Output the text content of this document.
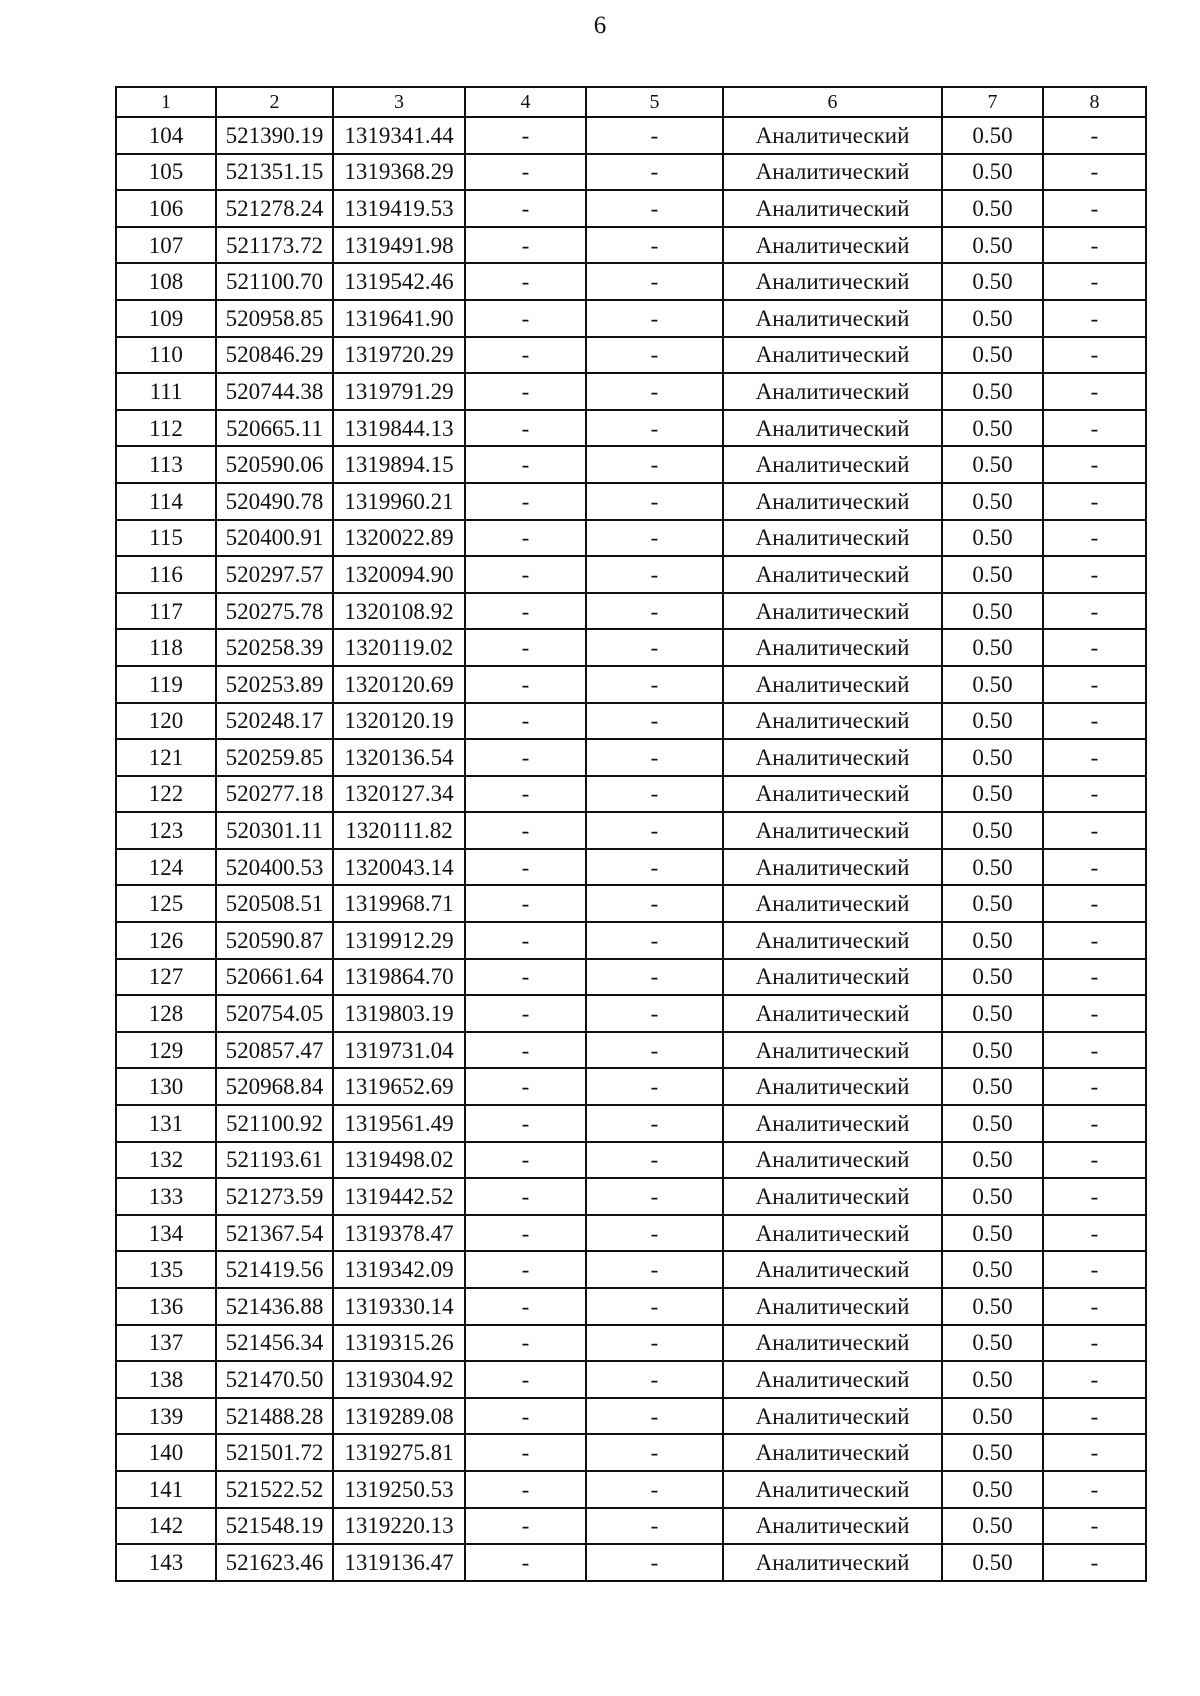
6
1	2	3	4	5	6	7	8
104	521390.19	1319341.44	-	-	Аналитический	0.50	-
105	521351.15	1319368.29	-	-	Аналитический	0.50	-
106	521278.24	1319419.53	-	-	Аналитический	0.50	-
107	521173.72	1319491.98	-	-	Аналитический	0.50	-
108	521100.70	1319542.46	-	-	Аналитический	0.50	-
109	520958.85	1319641.90	-	-	Аналитический	0.50	-
110	520846.29	1319720.29	-	-	Аналитический	0.50	-
111	520744.38	1319791.29	-	-	Аналитический	0.50	-
112	520665.11	1319844.13	-	-	Аналитический	0.50	-
113	520590.06	1319894.15	-	-	Аналитический	0.50	-
114	520490.78	1319960.21	-	-	Аналитический	0.50	-
115	520400.91	1320022.89	-	-	Аналитический	0.50	-
116	520297.57	1320094.90	-	-	Аналитический	0.50	-
117	520275.78	1320108.92	-	-	Аналитический	0.50	-
118	520258.39	1320119.02	-	-	Аналитический	0.50	-
119	520253.89	1320120.69	-	-	Аналитический	0.50	-
120	520248.17	1320120.19	-	-	Аналитический	0.50	-
121	520259.85	1320136.54	-	-	Аналитический	0.50	-
122	520277.18	1320127.34	-	-	Аналитический	0.50	-
123	520301.11	1320111.82	-	-	Аналитический	0.50	-
124	520400.53	1320043.14	-	-	Аналитический	0.50	-
125	520508.51	1319968.71	-	-	Аналитический	0.50	-
126	520590.87	1319912.29	-	-	Аналитический	0.50	-
127	520661.64	1319864.70	-	-	Аналитический	0.50	-
128	520754.05	1319803.19	-	-	Аналитический	0.50	-
129	520857.47	1319731.04	-	-	Аналитический	0.50	-
130	520968.84	1319652.69	-	-	Аналитический	0.50	-
131	521100.92	1319561.49	-	-	Аналитический	0.50	-
132	521193.61	1319498.02	-	-	Аналитический	0.50	-
133	521273.59	1319442.52	-	-	Аналитический	0.50	-
134	521367.54	1319378.47	-	-	Аналитический	0.50	-
135	521419.56	1319342.09	-	-	Аналитический	0.50	-
136	521436.88	1319330.14	-	-	Аналитический	0.50	-
137	521456.34	1319315.26	-	-	Аналитический	0.50	-
138	521470.50	1319304.92	-	-	Аналитический	0.50	-
139	521488.28	1319289.08	-	-	Аналитический	0.50	-
140	521501.72	1319275.81	-	-	Аналитический	0.50	-
141	521522.52	1319250.53	-	-	Аналитический	0.50	-
142	521548.19	1319220.13	-	-	Аналитический	0.50	-
143	521623.46	1319136.47	-	-	Аналитический	0.50	-
